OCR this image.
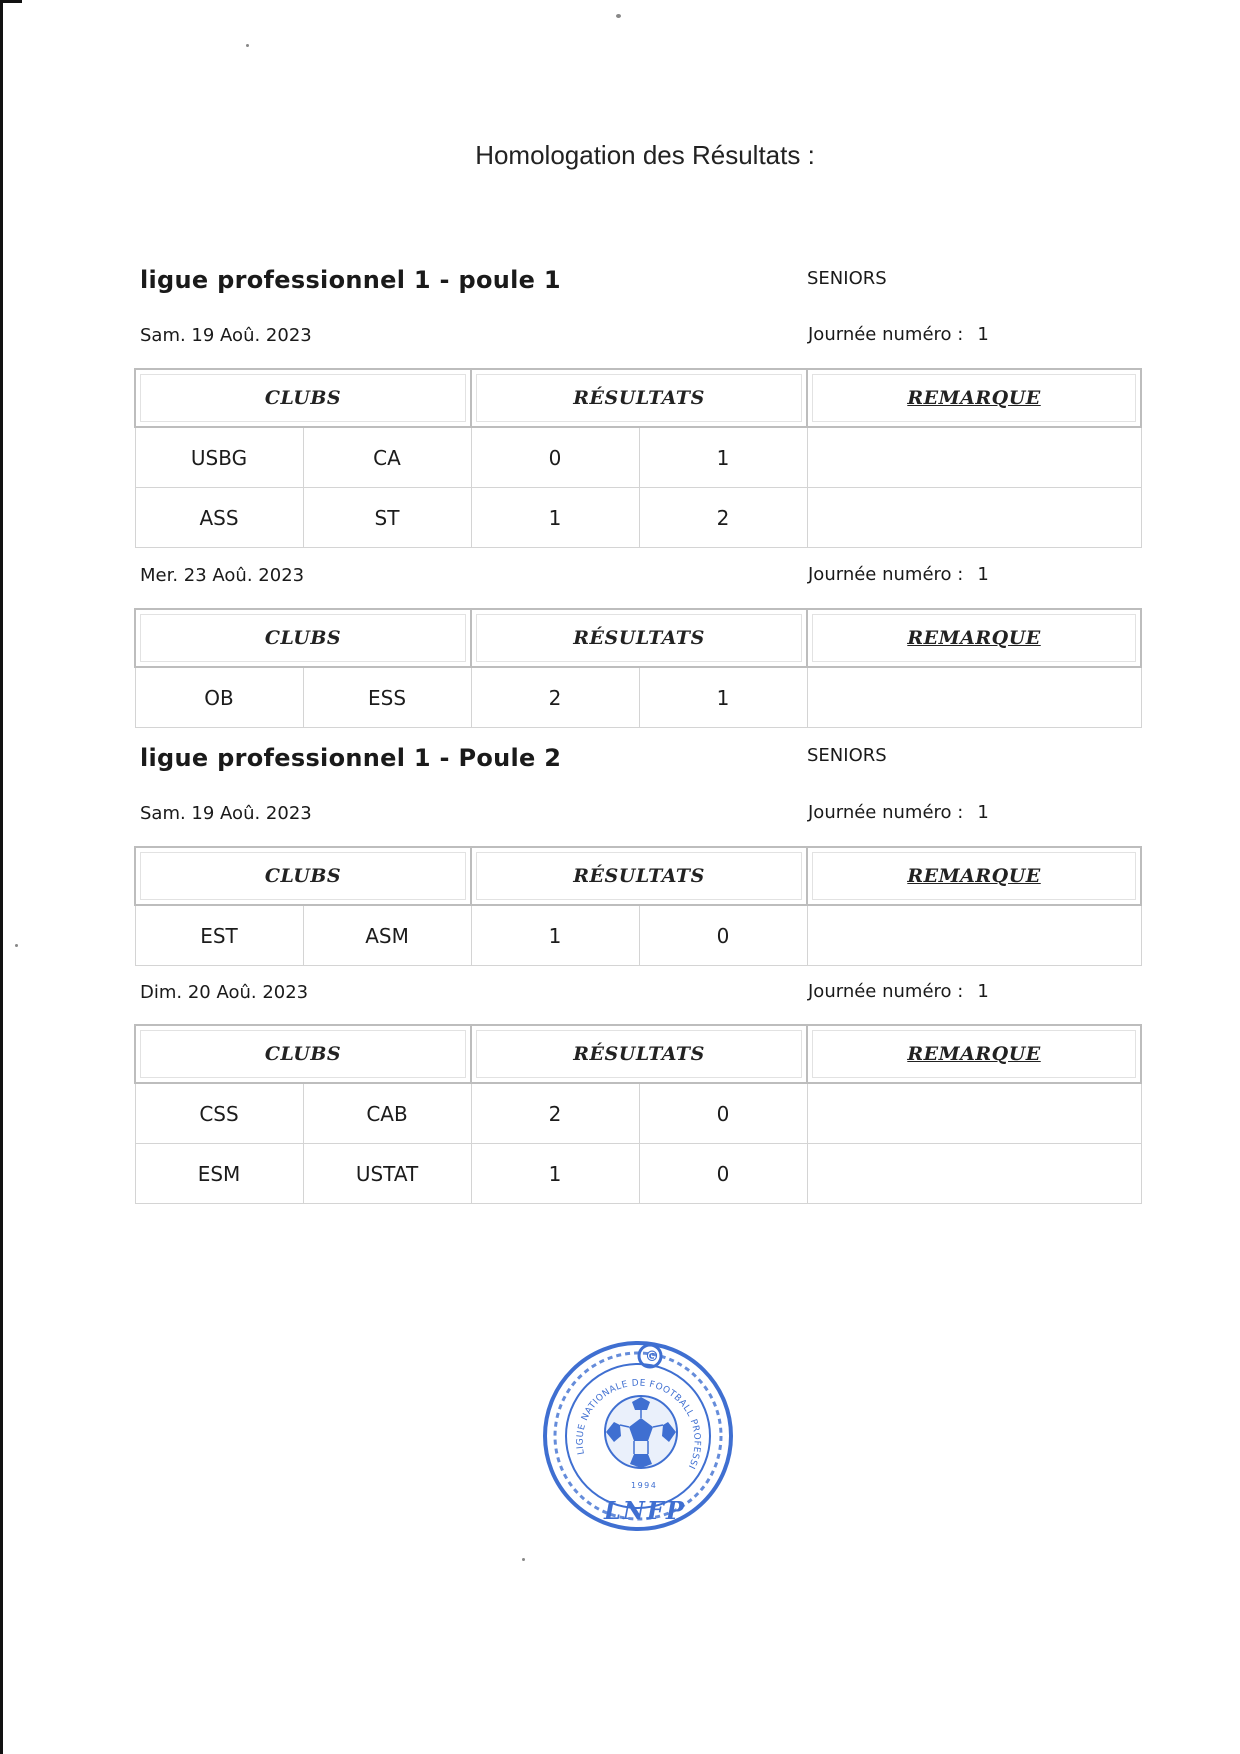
Homologation des Résultats :
ligue professionnel 1 - poule 1	SENIORS
Sam. 19 Aoû. 2023	Journée numéro : 1
CLUBS		RÉSULTATS		REMARQUE
USBG	CA	0	1	
ASS	ST	1	2	
Mer. 23 Aoû. 2023	Journée numéro : 1
CLUBS		RÉSULTATS		REMARQUE
OB	ESS	2	1	
ligue professionnel 1 - Poule 2	SENIORS
Sam. 19 Aoû. 2023	Journée numéro : 1
CLUBS		RÉSULTATS		REMARQUE
EST	ASM	1	0	
Dim. 20 Aoû. 2023	Journée numéro : 1
CLUBS		RÉSULTATS		REMARQUE
CSS	CAB	2	0	
ESM	USTAT	1	0	
©
LIGUE NATIONALE DE FOOTBALL PROFESSI
1994
LNFP
